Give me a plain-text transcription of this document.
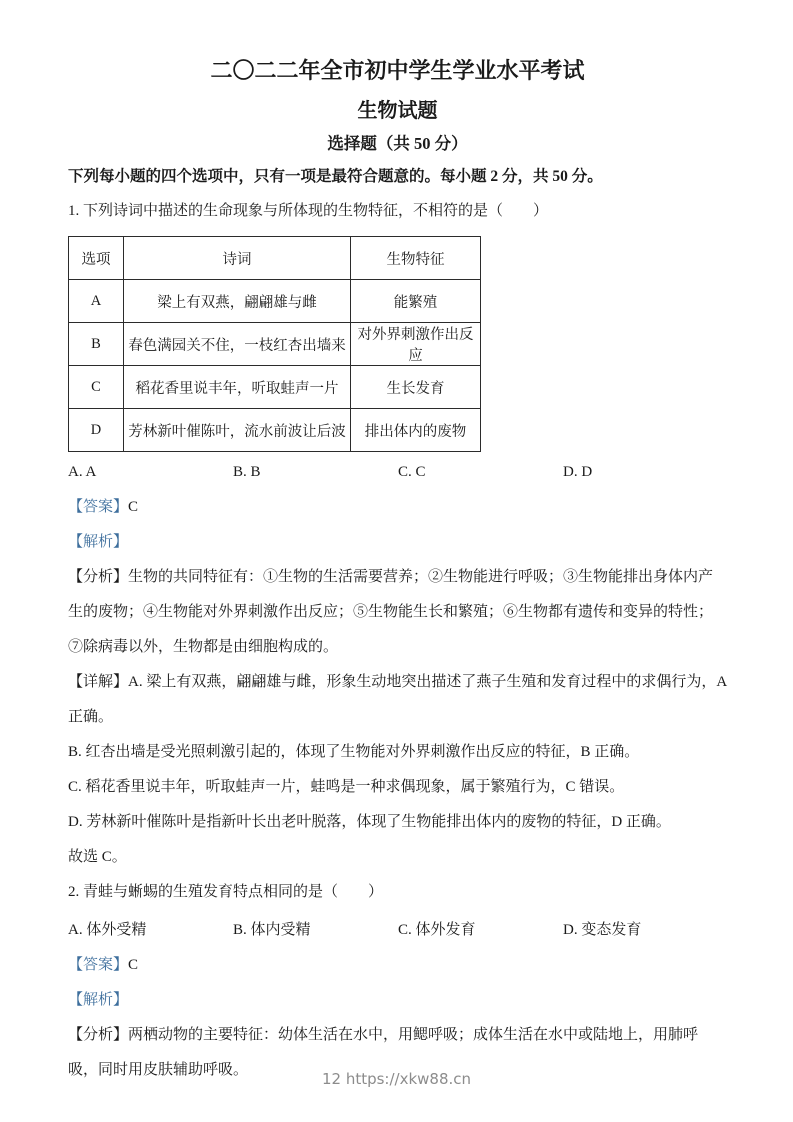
二〇二二年全市初中学生学业水平考试
生物试题
选择题（共 50 分）

下列每小题的四个选项中，只有一项是最符合题意的。每小题 2 分，共 50 分。

1. 下列诗词中描述的生命现象与所体现的生物特征，不相符的是（　　）

选项	诗词	生物特征
A	梁上有双燕，翩翩雄与雌	能繁殖
B	春色满园关不住，一枝红杏出墙来	对外界刺激作出反应
C	稻花香里说丰年，听取蛙声一片	生长发育
D	芳林新叶催陈叶，流水前波让后波	排出体内的废物
A. A	B. B	C. C	D. D

【答案】C

【解析】

【分析】生物的共同特征有：①生物的生活需要营养；②生物能进行呼吸；③生物能排出身体内产生的废物；④生物能对外界刺激作出反应；⑤生物能生长和繁殖；⑥生物都有遗传和变异的特性；⑦除病毒以外，生物都是由细胞构成的。

【详解】A. 梁上有双燕，翩翩雄与雌，形象生动地突出描述了燕子生殖和发育过程中的求偶行为，A 正确。

B. 红杏出墙是受光照刺激引起的，体现了生物能对外界刺激作出反应的特征，B 正确。

C. 稻花香里说丰年，听取蛙声一片，蛙鸣是一种求偶现象，属于繁殖行为，C 错误。

D. 芳林新叶催陈叶是指新叶长出老叶脱落，体现了生物能排出体内的废物的特征，D 正确。

故选 C。

2. 青蛙与蜥蜴的生殖发育特点相同的是（　　）

A. 体外受精	B. 体内受精	C. 体外发育	D. 变态发育

【答案】C

【解析】

【分析】两栖动物的主要特征：幼体生活在水中，用鳃呼吸；成体生活在水中或陆地上，用肺呼吸，同时用皮肤辅助呼吸。	12 https://xkw88.cn
